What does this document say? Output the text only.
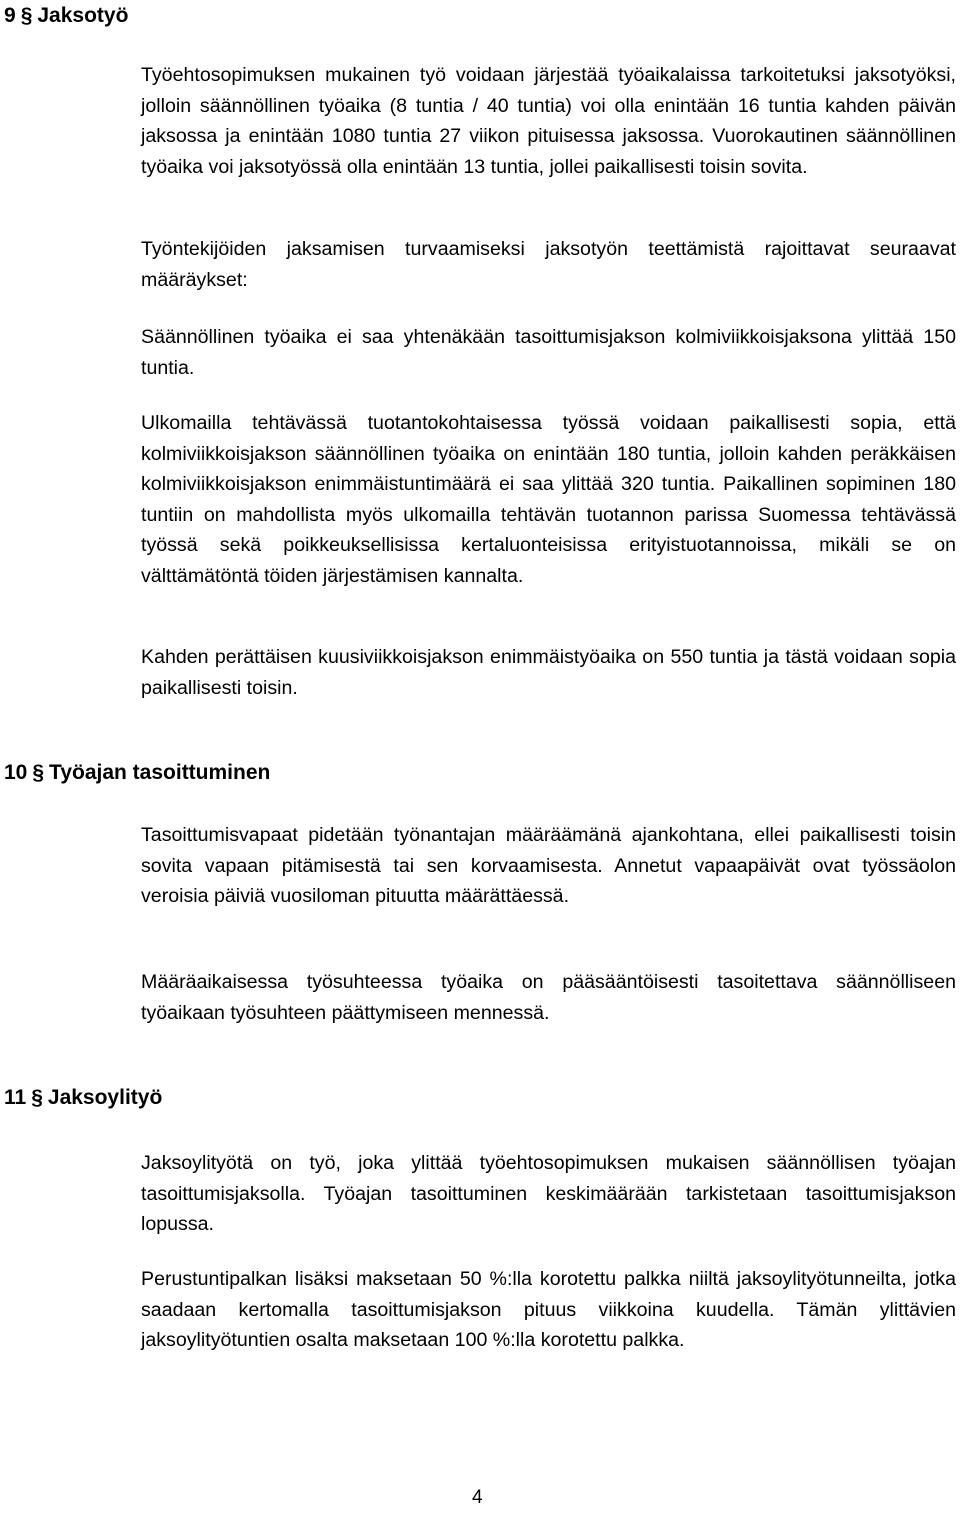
9 § Jaksotyö

Työehtosopimuksen mukainen työ voidaan järjestää työaikalaissa tarkoitetuksi jaksotyöksi, jolloin säännöllinen työaika (8 tuntia / 40 tuntia) voi olla enintään 16 tuntia kahden päivän jaksossa ja enintään 1080 tuntia 27 viikon pituisessa jaksossa. Vuorokautinen säännöllinen työaika voi jaksotyössä olla enintään 13 tuntia, jollei paikallisesti toisin sovita.

Työntekijöiden jaksamisen turvaamiseksi jaksotyön teettämistä rajoittavat seuraavat määräykset:

Säännöllinen työaika ei saa yhtenäkään tasoittumisjakson kolmiviikkoisjaksona ylittää 150 tuntia.

Ulkomailla tehtävässä tuotantokohtaisessa työssä voidaan paikallisesti sopia, että kolmiviikkoisjakson säännöllinen työaika on enintään 180 tuntia, jolloin kahden peräkkäisen kolmiviikkoisjakson enimmäistuntimäärä ei saa ylittää 320 tuntia. Paikallinen sopiminen 180 tuntiin on mahdollista myös ulkomailla tehtävän tuotannon parissa Suomessa tehtävässä työssä sekä poikkeuksellisissa kertaluonteisissa erityistuotannoissa, mikäli se on välttämätöntä töiden järjestämisen kannalta.

Kahden perättäisen kuusiviikkoisjakson enimmäistyöaika on 550 tuntia ja tästä voidaan sopia paikallisesti toisin.

10 § Työajan tasoittuminen

Tasoittumisvapaat pidetään työnantajan määräämänä ajankohtana, ellei paikallisesti toisin sovita vapaan pitämisestä tai sen korvaamisesta. Annetut vapaapäivät ovat työssäolon veroisia päiviä vuosiloman pituutta määrättäessä.

Määräaikaisessa työsuhteessa työaika on pääsääntöisesti tasoitettava säännölliseen työaikaan työsuhteen päättymiseen mennessä.

11 § Jaksoylityö

Jaksoylityötä on työ, joka ylittää työehtosopimuksen mukaisen säännöllisen työajan tasoittumisjaksolla. Työajan tasoittuminen keskimäärään tarkistetaan tasoittumisjakson lopussa.

Perustuntipalkan lisäksi maksetaan 50 %:lla korotettu palkka niiltä jaksoylityötunneilta, jotka saadaan kertomalla tasoittumisjakson pituus viikkoina kuudella. Tämän ylittävien jaksoylityötuntien osalta maksetaan 100 %:lla korotettu palkka.

4
